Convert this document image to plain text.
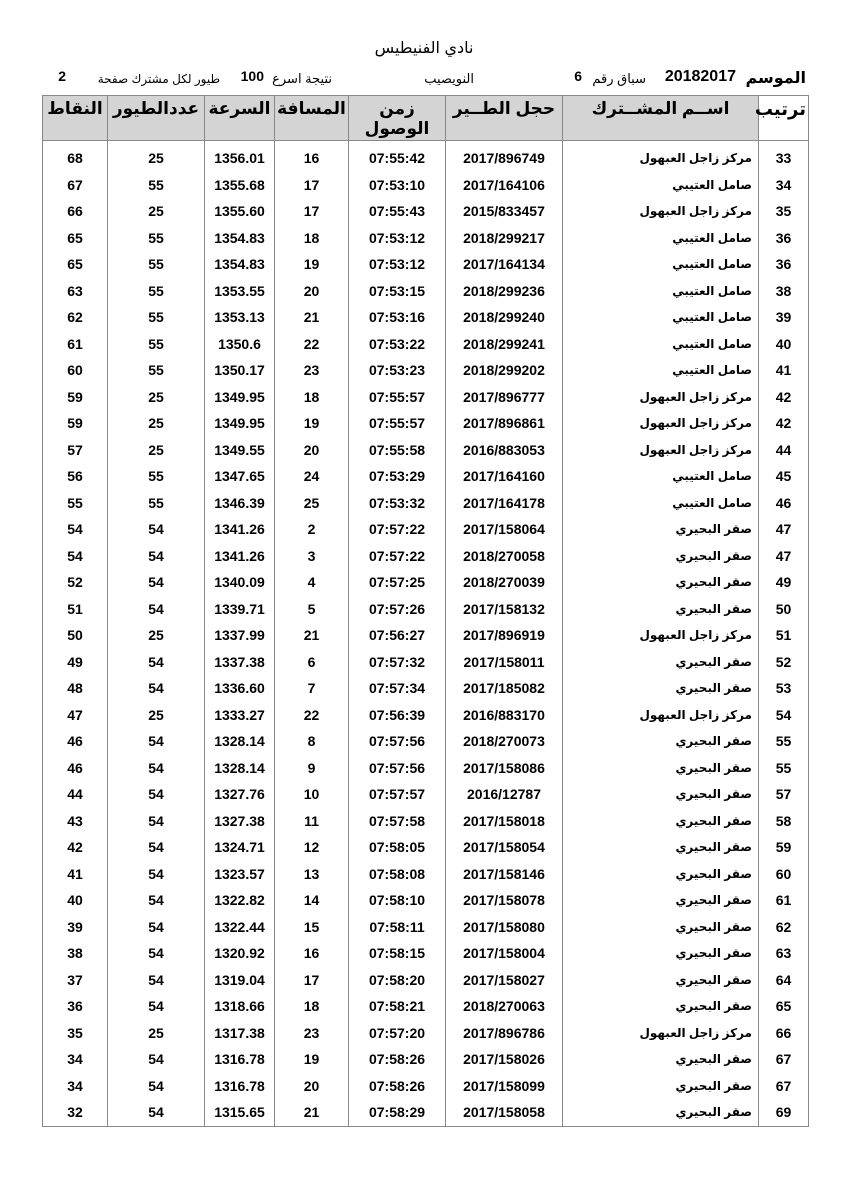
نادي الفنيطيس
الموسم
20182017
سباق رقم
6
النويصيب
نتيجة اسرع
100
طيور لكل مشترك صفحة
2
ترتيب	اســم المشــترك	حجل الطــير	زمن الوصول	المسافة	السرعة	عددالطيور	النقاط

33	مركز زاجل العبهول	2017/896749	07:55:42	16	1356.01	25	68
34	صامل العتيبي	2017/164106	07:53:10	17	1355.68	55	67
35	مركز زاجل العبهول	2015/833457	07:55:43	17	1355.60	25	66
36	صامل العتيبي	2018/299217	07:53:12	18	1354.83	55	65
36	صامل العتيبي	2017/164134	07:53:12	19	1354.83	55	65
38	صامل العتيبي	2018/299236	07:53:15	20	1353.55	55	63
39	صامل العتيبي	2018/299240	07:53:16	21	1353.13	55	62
40	صامل العتيبي	2018/299241	07:53:22	22	1350.6	55	61
41	صامل العتيبي	2018/299202	07:53:23	23	1350.17	55	60
42	مركز زاجل العبهول	2017/896777	07:55:57	18	1349.95	25	59
42	مركز زاجل العبهول	2017/896861	07:55:57	19	1349.95	25	59
44	مركز زاجل العبهول	2016/883053	07:55:58	20	1349.55	25	57
45	صامل العتيبي	2017/164160	07:53:29	24	1347.65	55	56
46	صامل العتيبي	2017/164178	07:53:32	25	1346.39	55	55
47	صقر البحيري	2017/158064	07:57:22	2	1341.26	54	54
47	صقر البحيري	2018/270058	07:57:22	3	1341.26	54	54
49	صقر البحيري	2018/270039	07:57:25	4	1340.09	54	52
50	صقر البحيري	2017/158132	07:57:26	5	1339.71	54	51
51	مركز زاجل العبهول	2017/896919	07:56:27	21	1337.99	25	50
52	صقر البحيري	2017/158011	07:57:32	6	1337.38	54	49
53	صقر البحيري	2017/185082	07:57:34	7	1336.60	54	48
54	مركز زاجل العبهول	2016/883170	07:56:39	22	1333.27	25	47
55	صقر البحيري	2018/270073	07:57:56	8	1328.14	54	46
55	صقر البحيري	2017/158086	07:57:56	9	1328.14	54	46
57	صقر البحيري	2016/12787	07:57:57	10	1327.76	54	44
58	صقر البحيري	2017/158018	07:57:58	11	1327.38	54	43
59	صقر البحيري	2017/158054	07:58:05	12	1324.71	54	42
60	صقر البحيري	2017/158146	07:58:08	13	1323.57	54	41
61	صقر البحيري	2017/158078	07:58:10	14	1322.82	54	40
62	صقر البحيري	2017/158080	07:58:11	15	1322.44	54	39
63	صقر البحيري	2017/158004	07:58:15	16	1320.92	54	38
64	صقر البحيري	2017/158027	07:58:20	17	1319.04	54	37
65	صقر البحيري	2018/270063	07:58:21	18	1318.66	54	36
66	مركز زاجل العبهول	2017/896786	07:57:20	23	1317.38	25	35
67	صقر البحيري	2017/158026	07:58:26	19	1316.78	54	34
67	صقر البحيري	2017/158099	07:58:26	20	1316.78	54	34
69	صقر البحيري	2017/158058	07:58:29	21	1315.65	54	32
